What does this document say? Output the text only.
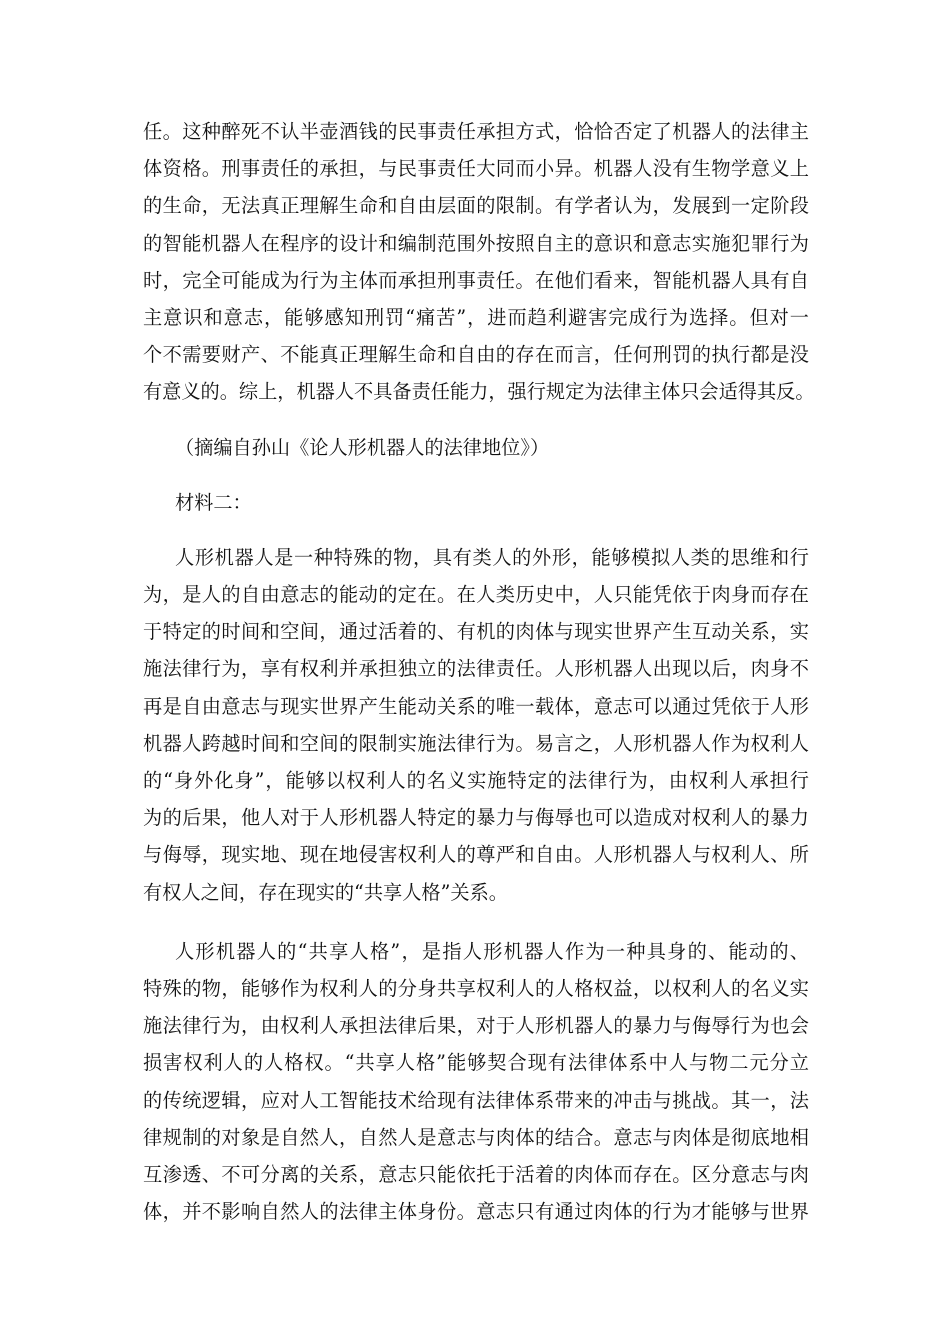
任。这种醉死不认半壶酒钱的民事责任承担方式，恰恰否定了机器人的法律主
体资格。刑事责任的承担，与民事责任大同而小异。机器人没有生物学意义上
的生命，无法真正理解生命和自由层面的限制。有学者认为，发展到一定阶段
的智能机器人在程序的设计和编制范围外按照自主的意识和意志实施犯罪行为
时，完全可能成为行为主体而承担刑事责任。在他们看来，智能机器人具有自
主意识和意志，能够感知刑罚“痛苦”，进而趋利避害完成行为选择。但对一
个不需要财产、不能真正理解生命和自由的存在而言，任何刑罚的执行都是没
有意义的。综上，机器人不具备责任能力，强行规定为法律主体只会适得其反。
（摘编自孙山《论人形机器人的法律地位》）
材料二：
人形机器人是一种特殊的物，具有类人的外形，能够模拟人类的思维和行
为，是人的自由意志的能动的定在。在人类历史中，人只能凭依于肉身而存在
于特定的时间和空间，通过活着的、有机的肉体与现实世界产生互动关系，实
施法律行为，享有权利并承担独立的法律责任。人形机器人出现以后，肉身不
再是自由意志与现实世界产生能动关系的唯一载体，意志可以通过凭依于人形
机器人跨越时间和空间的限制实施法律行为。易言之，人形机器人作为权利人
的“身外化身”，能够以权利人的名义实施特定的法律行为，由权利人承担行
为的后果，他人对于人形机器人特定的暴力与侮辱也可以造成对权利人的暴力
与侮辱，现实地、现在地侵害权利人的尊严和自由。人形机器人与权利人、所
有权人之间，存在现实的“共享人格”关系。
人形机器人的“共享人格”，是指人形机器人作为一种具身的、能动的、
特殊的物，能够作为权利人的分身共享权利人的人格权益，以权利人的名义实
施法律行为，由权利人承担法律后果，对于人形机器人的暴力与侮辱行为也会
损害权利人的人格权。“共享人格”能够契合现有法律体系中人与物二元分立
的传统逻辑，应对人工智能技术给现有法律体系带来的冲击与挑战。其一，法
律规制的对象是自然人，自然人是意志与肉体的结合。意志与肉体是彻底地相
互渗透、不可分离的关系，意志只能依托于活着的肉体而存在。区分意志与肉
体，并不影响自然人的法律主体身份。意志只有通过肉体的行为才能够与世界
